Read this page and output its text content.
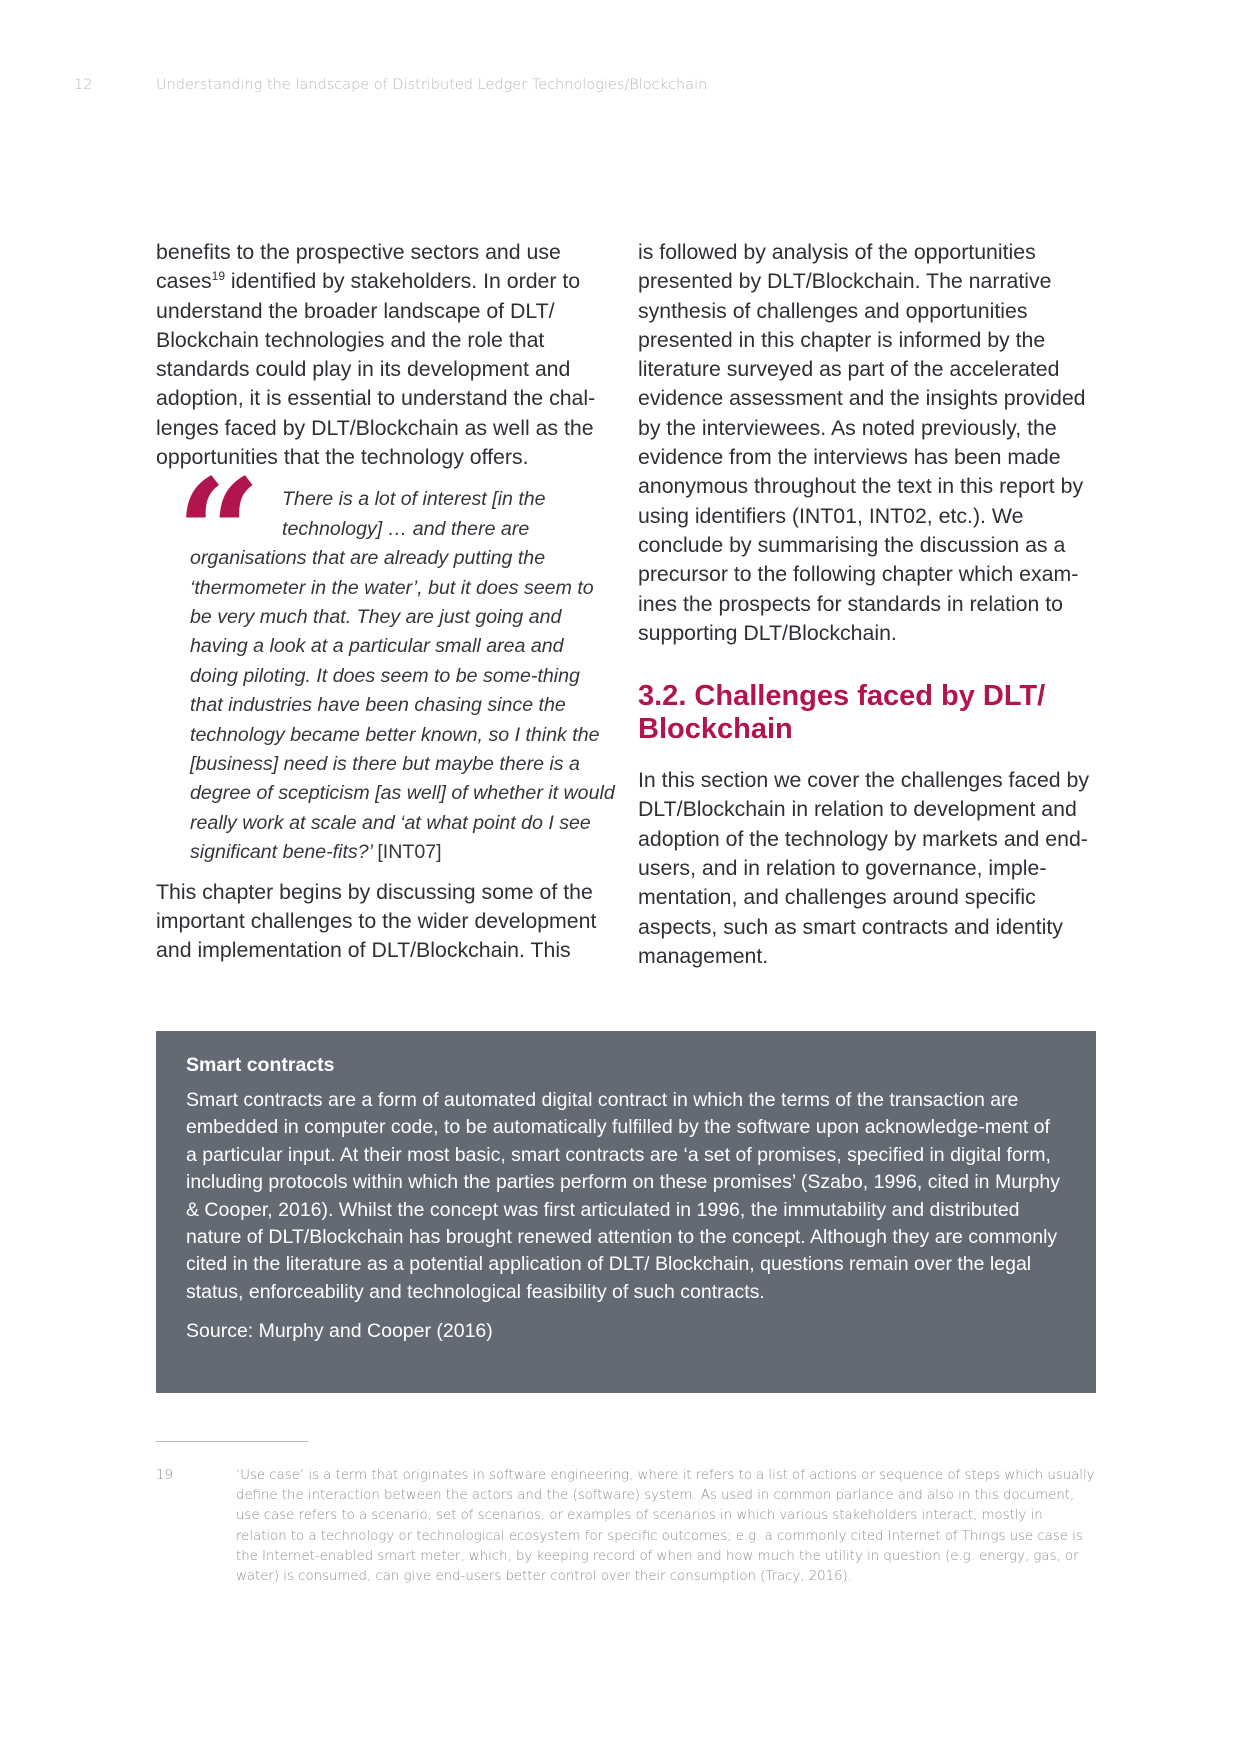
12	Understanding the landscape of Distributed Ledger Technologies/Blockchain

benefits to the prospective sectors and use cases$^{19}$ identified by stakeholders. In order to understand the broader landscape of DLT/ Blockchain technologies and the role that standards could play in its development and adoption, it is essential to understand the chal-lenges faced by DLT/Blockchain as well as the opportunities that the technology offers.

“	There is a lot of interest [in the
technology] … and there are
organisations that are already putting the ‘thermometer in the water’, but it does seem to be very much that. They are just going and having a look at a particular small area and doing piloting. It does seem to be some-thing that industries have been chasing since the technology became better known, so I think the [business] need is there but maybe there is a degree of scepticism [as well] of whether it would really work at scale and ‘at what point do I see significant bene-fits?’ [INT07]

This chapter begins by discussing some of the important challenges to the wider development and implementation of DLT/Blockchain. This

is followed by analysis of the opportunities presented by DLT/Blockchain. The narrative synthesis of challenges and opportunities presented in this chapter is informed by the literature surveyed as part of the accelerated evidence assessment and the insights provided by the interviewees. As noted previously, the evidence from the interviews has been made anonymous throughout the text in this report by using identifiers (INT01, INT02, etc.). We conclude by summarising the discussion as a precursor to the following chapter which exam-ines the prospects for standards in relation to supporting DLT/Blockchain.

3.2. Challenges faced by DLT/ Blockchain

In this section we cover the challenges faced by DLT/Blockchain in relation to development and adoption of the technology by markets and end-users, and in relation to governance, imple-mentation, and challenges around specific aspects, such as smart contracts and identity management.

Smart contracts

Smart contracts are a form of automated digital contract in which the terms of the transaction are embedded in computer code, to be automatically fulfilled by the software upon acknowledge-ment of a particular input. At their most basic, smart contracts are ‘a set of promises, specified in digital form, including protocols within which the parties perform on these promises’ (Szabo, 1996, cited in Murphy & Cooper, 2016). Whilst the concept was first articulated in 1996, the immutability and distributed nature of DLT/Blockchain has brought renewed attention to the concept. Although they are commonly cited in the literature as a potential application of DLT/ Blockchain, questions remain over the legal status, enforceability and technological feasibility of such contracts.

Source: Murphy and Cooper (2016)

19	‘Use case’ is a term that originates in software engineering, where it refers to a list of actions or sequence of steps which usually define the interaction between the actors and the (software) system. As used in common parlance and also in this document, use case refers to a scenario, set of scenarios, or examples of scenarios in which various stakeholders interact, mostly in relation to a technology or technological ecosystem for specific outcomes; e.g. a commonly cited Internet of Things use case is the Internet-enabled smart meter, which, by keeping record of when and how much the utility in question (e.g. energy, gas, or water) is consumed, can give end-users better control over their consumption (Tracy, 2016).
